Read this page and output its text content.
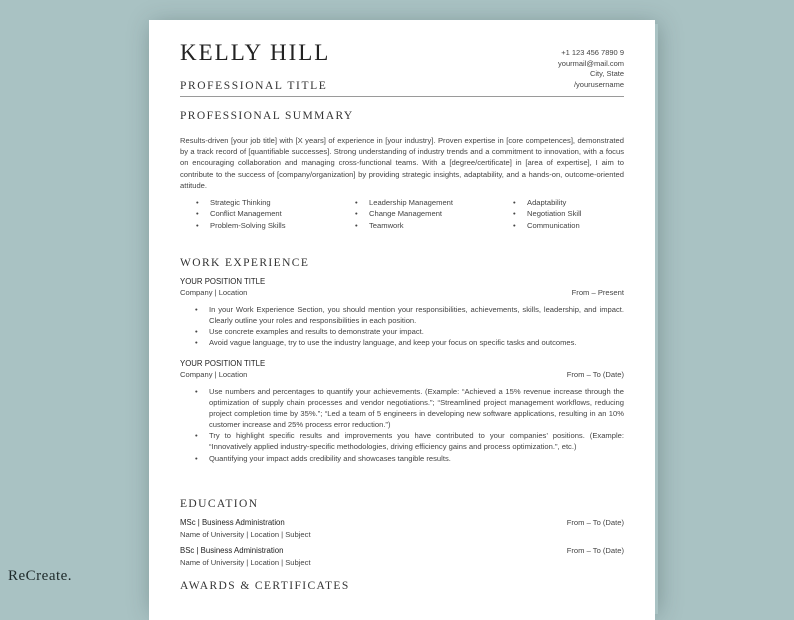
KELLY HILL
PROFESSIONAL TITLE
+1 123 456 7890 9
yourmail@mail.com
City, State
/yourusername
PROFESSIONAL SUMMARY

Results-driven [your job title] with [X years] of experience in [your industry]. Proven expertise in [core competences], demonstrated by a track record of [quantifiable successes]. Strong understanding of industry trends and a commitment to innovation, with a focus on encouraging collaboration and managing cross-functional teams. With a [degree/certificate] in [area of expertise], I aim to contribute to the success of [company/organization] by providing strategic insights, adaptability, and a hands-on, outcome-oriented attitude.

• Strategic Thinking	• Leadership Management	• Adaptability
• Conflict Management	• Change Management	• Negotiation Skill
• Problem-Solving Skills	• Teamwork	• Communication
WORK EXPERIENCE
YOUR POSITION TITLE
Company | Location	From – Present
• In your Work Experience Section, you should mention your responsibilities, achievements, skills, leadership, and impact. Clearly outline your roles and responsibilities in each position.
• Use concrete examples and results to demonstrate your impact.
• Avoid vague language, try to use the industry language, and keep your focus on specific tasks and outcomes.
YOUR POSITION TITLE
Company | Location	From – To (Date)
• Use numbers and percentages to quantify your achievements. (Example: “Achieved a 15% revenue increase through the optimization of supply chain processes and vendor negotiations.”; “Streamlined project management workflows, reducing project completion time by 35%.”; “Led a team of 5 engineers in developing new software applications, resulting in an 10% customer increase and 25% process error reduction.”)
• Try to highlight specific results and improvements you have contributed to your companies’ positions. (Example: “Innovatively applied industry-specific methodologies, driving efficiency gains and process optimization.”, etc.)
• Quantifying your impact adds credibility and showcases tangible results.
EDUCATION
MSc | Business Administration	From – To (Date)
Name of University | Location | Subject
BSc | Business Administration	From – To (Date)
Name of University | Location | Subject
AWARDS & CERTIFICATES
ReCreate.
